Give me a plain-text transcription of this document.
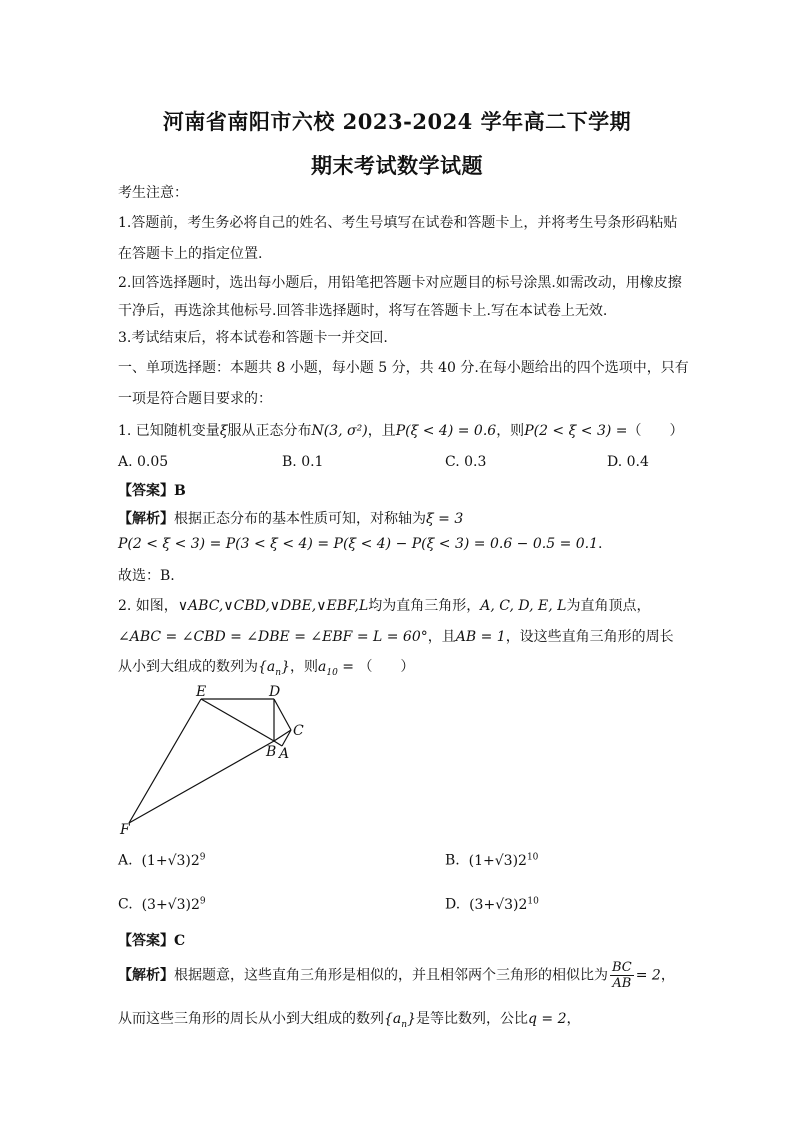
河南省南阳市六校 2023-2024 学年高二下学期
期末考试数学试题
考生注意：
1.答题前，考生务必将自己的姓名、考生号填写在试卷和答题卡上，并将考生号条形码粘贴
在答题卡上的指定位置.
2.回答选择题时，选出每小题后，用铅笔把答题卡对应题目的标号涂黑.如需改动，用橡皮擦
干净后，再选涂其他标号.回答非选择题时，将写在答题卡上.写在本试卷上无效.
3.考试结束后，将本试卷和答题卡一并交回.
一、单项选择题：本题共 8 小题，每小题 5 分，共 40 分.在每小题给出的四个选项中，只有
一项是符合题目要求的：
1. 已知随机变量ξ服从正态分布N(3, σ²)，且P(ξ < 4) = 0.6，则P(2 < ξ < 3) =（　　）
A. 0.05	B. 0.1	C. 0.3	D. 0.4
【答案】B
【解析】根据正态分布的基本性质可知，对称轴为ξ = 3
P(2 < ξ < 3) = P(3 < ξ < 4) = P(ξ < 4) − P(ξ < 3) = 0.6 − 0.5 = 0.1.
故选：B.
2. 如图，∨ABC,∨CBD,∨DBE,∨EBF,L均为直角三角形，A, C, D, E, L为直角顶点，
∠ABC = ∠CBD = ∠DBE = ∠EBF = L = 60°，且AB = 1，设这些直角三角形的周长
从小到大组成的数列为$\{a_n\}$，则$a_{10}$ = （　　）
E	D
C
B A
F
A. $(1+√3)2^9$	B. $(1+√3)2^{10}$
C. $(3+√3)2^9$	D. $(3+√3)2^{10}$
【答案】C
【解析】根据题意，这些直角三角形是相似的，并且相邻两个三角形的相似比为 $\frac{BC}{AB} = 2$，
从而这些三角形的周长从小到大组成的数列$\{a_n\}$是等比数列，公比q = 2，
